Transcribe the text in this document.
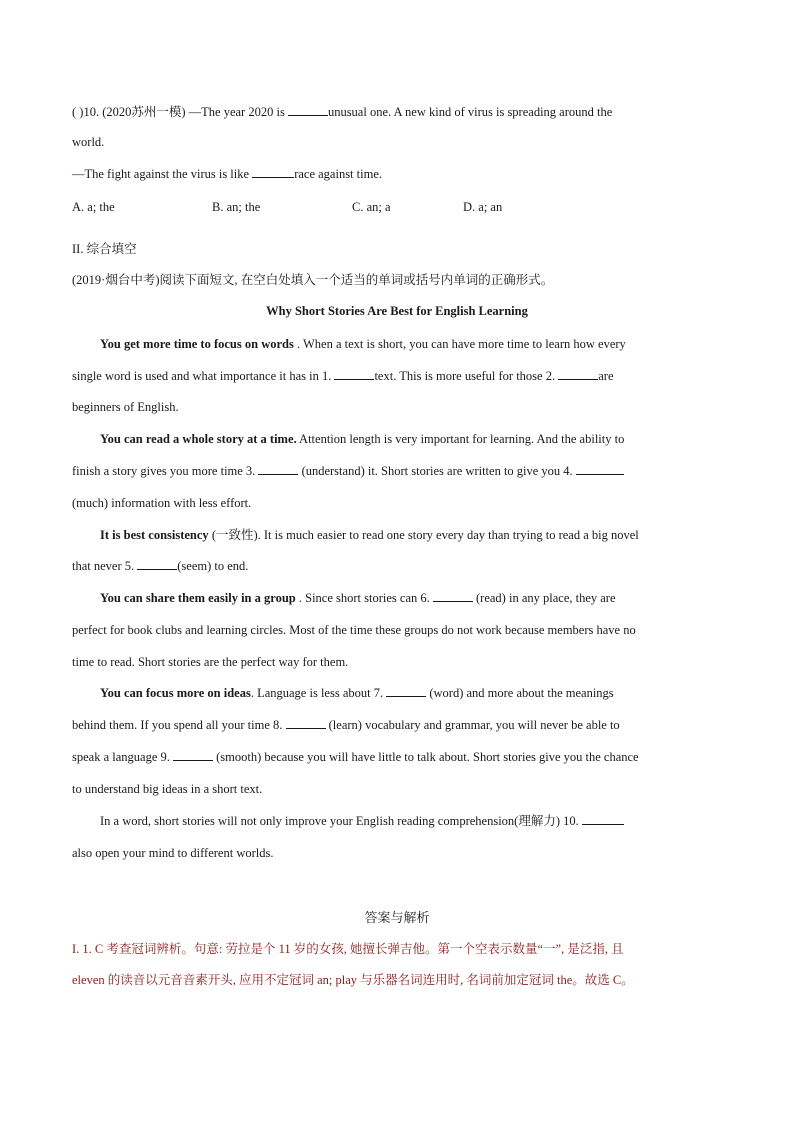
( )10. (2020苏州一模) —The year 2020 is	unusual one. A new kind of virus is spreading around the
world.
—The fight against the virus is like	race against time.
A. a; the	B. an; the	C. an; a	D. a; an
II. 综合填空
(2019·烟台中考)阅读下面短文, 在空白处填入一个适当的单词或括号内单词的正确形式。
Why Short Stories Are Best for English Learning
You get more time to focus on words . When a text is short, you can have more time to learn how every
single word is used and what importance it has in 1.	text. This is more useful for those 2.	are
beginners of English.
You can read a whole story at a time. Attention length is very important for learning. And the ability to
finish a story gives you more time 3.	(understand) it. Short stories are written to give you 4.
(much) information with less effort.
It is best consistency (一致性). It is much easier to read one story every day than trying to read a big novel
that never 5.	(seem) to end.
You can share them easily in a group . Since short stories can 6.	(read) in any place, they are
perfect for book clubs and learning circles. Most of the time these groups do not work because members have no
time to read. Short stories are the perfect way for them.
You can focus more on ideas. Language is less about 7.	(word) and more about the meanings
behind them. If you spend all your time 8.	(learn) vocabulary and grammar, you will never be able to
speak a language 9.	(smooth) because you will have little to talk about. Short stories give you the chance
to understand big ideas in a short text.
In a word, short stories will not only improve your English reading comprehension(理解力) 10.
also open your mind to different worlds.
答案与解析
I. 1. C 考查冠词辨析。句意: 劳拉是个 11 岁的女孩, 她擅长弹吉他。第一个空表示数量“一”, 是泛指, 且
eleven 的读音以元音音素开头, 应用不定冠词 an; play 与乐器名词连用时, 名词前加定冠词 the。故选 C。
